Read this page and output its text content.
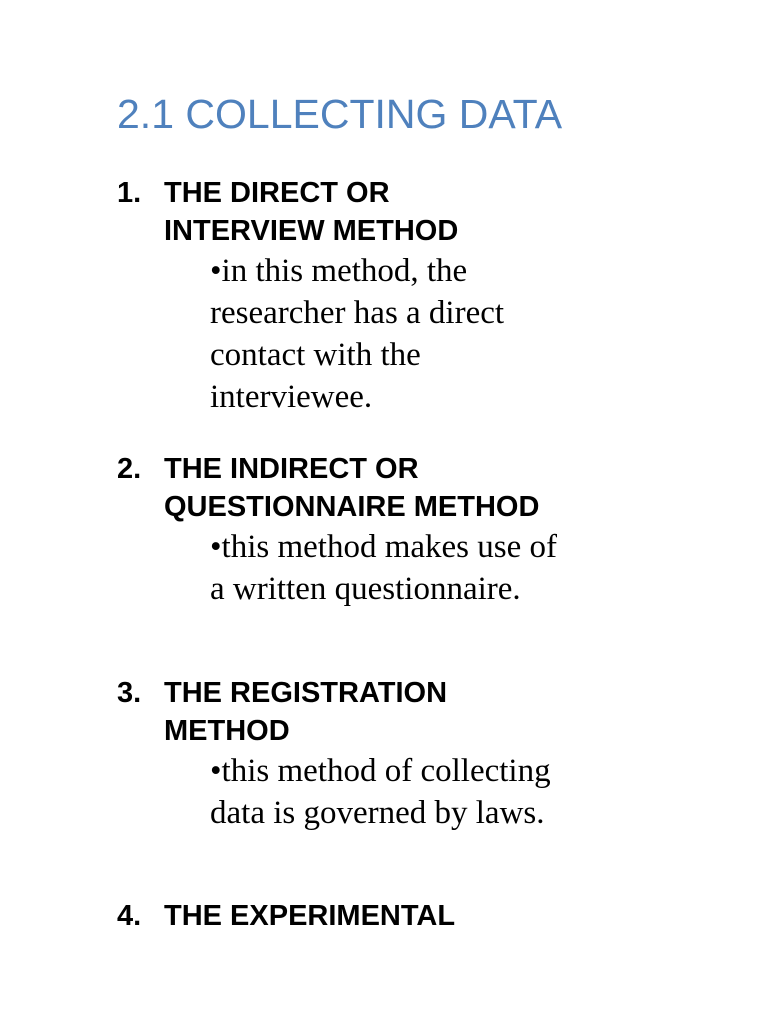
2.1 COLLECTING DATA
1. THE DIRECT OR
INTERVIEW METHOD

•in this method, the
researcher has a direct
contact with the
interviewee.

2. THE INDIRECT OR
QUESTIONNAIRE METHOD

•this method makes use of
a written questionnaire.

3. THE REGISTRATION
METHOD

•this method of collecting
data is governed by laws.

4. THE EXPERIMENTAL
